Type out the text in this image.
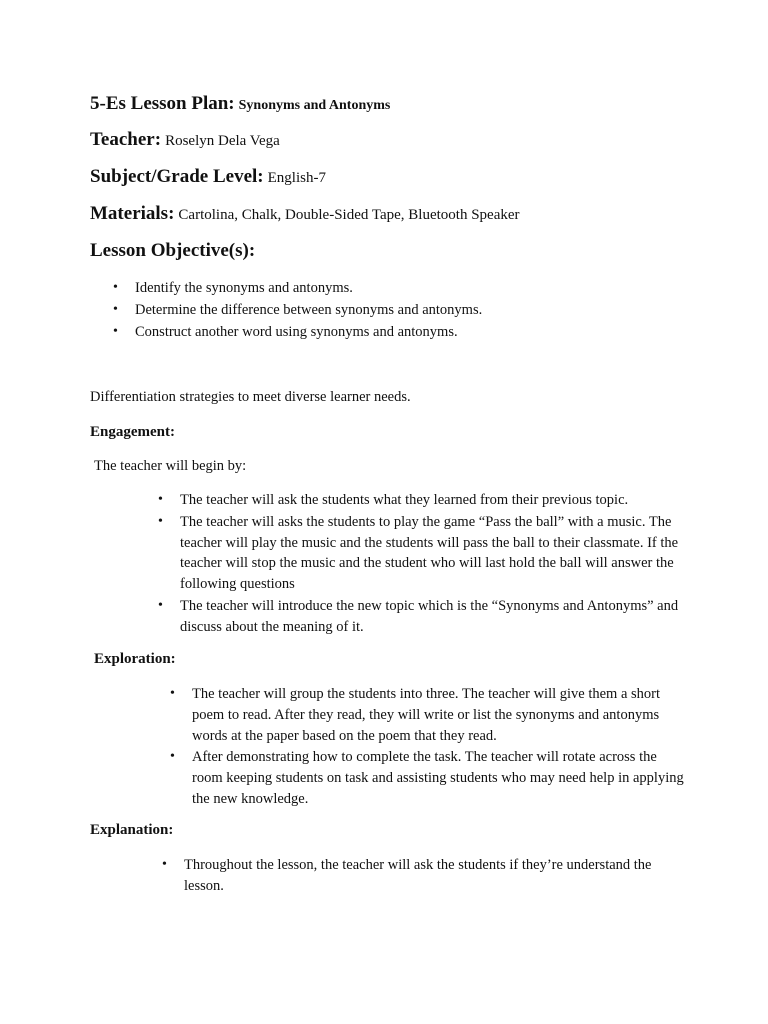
5-Es Lesson Plan: Synonyms and Antonyms
Teacher: Roselyn Dela Vega
Subject/Grade Level: English-7
Materials: Cartolina, Chalk, Double-Sided Tape, Bluetooth Speaker
Lesson Objective(s):
• Identify the synonyms and antonyms.
• Determine the difference between synonyms and antonyms.
• Construct another word using synonyms and antonyms.
Differentiation strategies to meet diverse learner needs.
Engagement:
The teacher will begin by:
• The teacher will ask the students what they learned from their previous topic.
• The teacher will asks the students to play the game “Pass the ball” with a music. The teacher will play the music and the students will pass the ball to their classmate. If the teacher will stop the music and the student who will last hold the ball will answer the following questions
• The teacher will introduce the new topic which is the “Synonyms and Antonyms” and discuss about the meaning of it.
Exploration:
• The teacher will group the students into three. The teacher will give them a short poem to read. After they read, they will write or list the synonyms and antonyms words at the paper based on the poem that they read.
• After demonstrating how to complete the task. The teacher will rotate across the room keeping students on task and assisting students who may need help in applying the new knowledge.
Explanation:
• Throughout the lesson, the teacher will ask the students if they’re understand the lesson.
